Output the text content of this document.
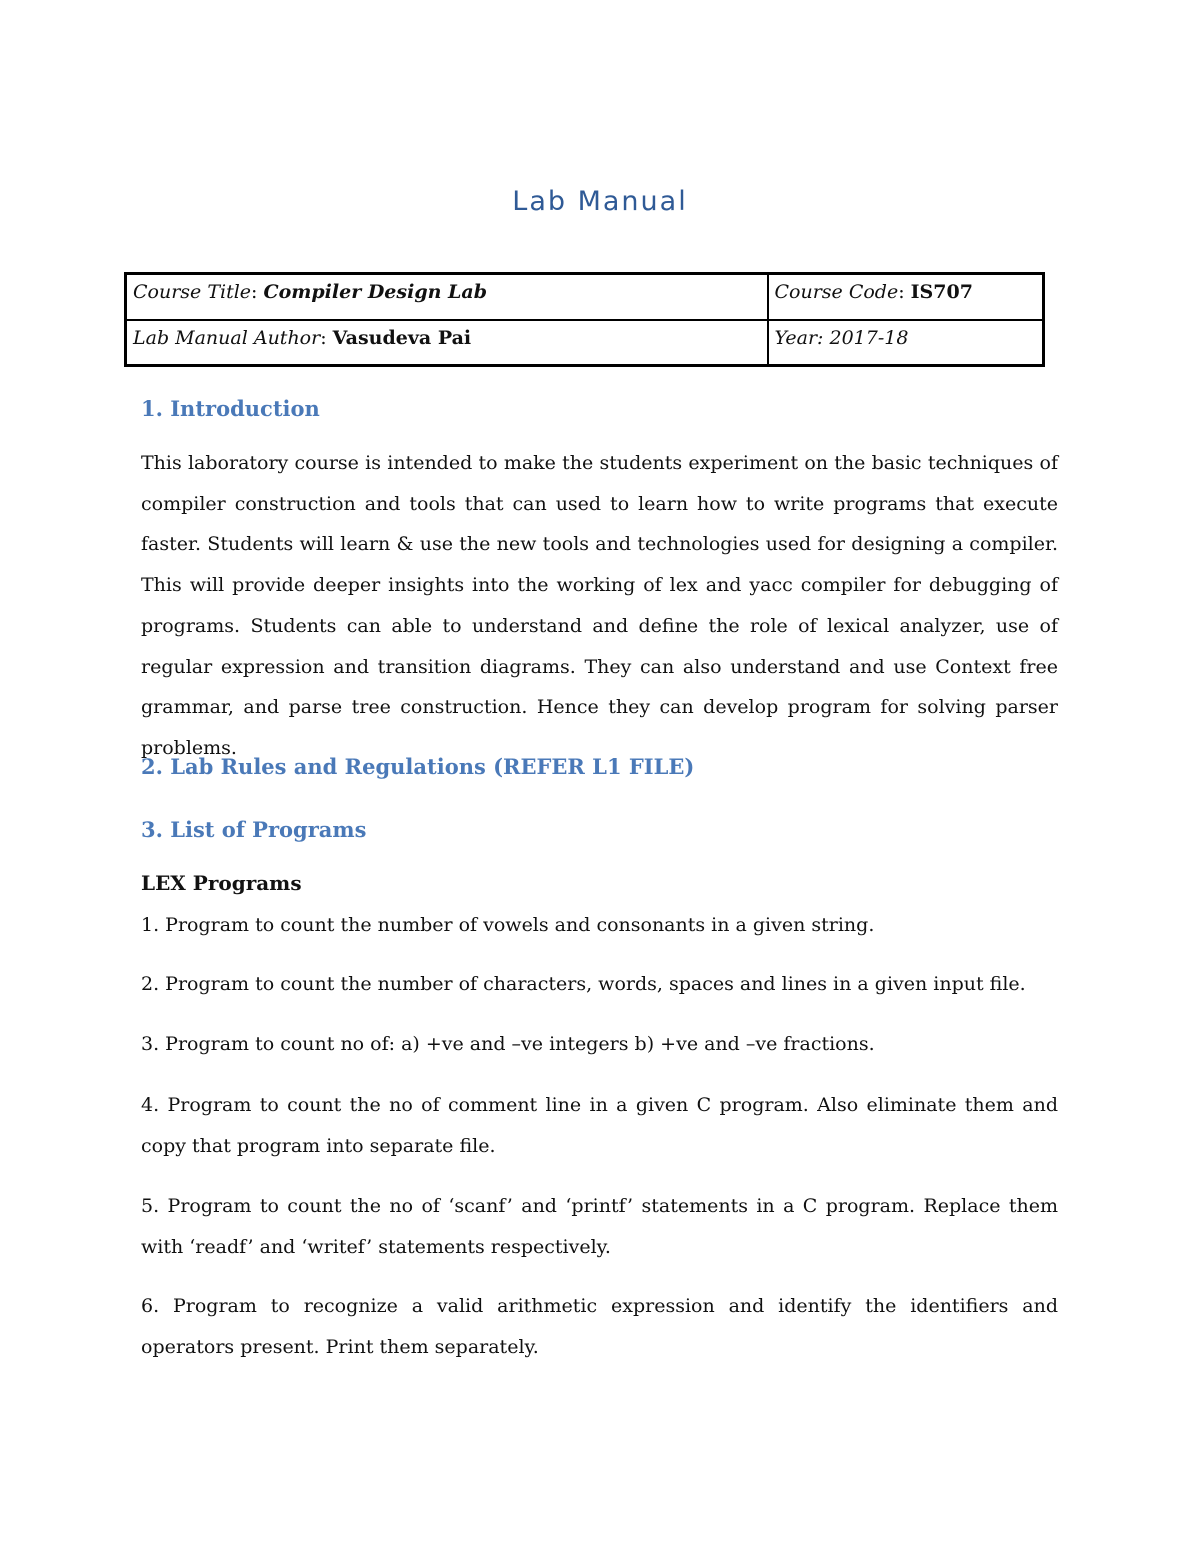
Lab Manual
Course Title: Compiler Design Lab	Course Code: IS707
Lab Manual Author: Vasudeva Pai	Year: 2017-18
1. Introduction

This laboratory course is intended to make the students experiment on the basic techniques of compiler construction and tools that can used to learn how to write programs that execute faster. Students will learn & use the new tools and technologies used for designing a compiler. This will provide deeper insights into the working of lex and yacc compiler for debugging of programs. Students can able to understand and define the role of lexical analyzer, use of regular expression and transition diagrams. They can also understand and use Context free grammar, and parse tree construction. Hence they can develop program for solving parser problems.

2. Lab Rules and Regulations (REFER L1 FILE)
3. List of Programs
LEX Programs

1. Program to count the number of vowels and consonants in a given string.

2. Program to count the number of characters, words, spaces and lines in a given input file.

3. Program to count no of: a) +ve and –ve integers b) +ve and –ve fractions.

4. Program to count the no of comment line in a given C program. Also eliminate them and copy that program into separate file.

5. Program to count the no of ‘scanf’ and ‘printf’ statements in a C program. Replace them with ‘readf’ and ‘writef’ statements respectively.

6. Program to recognize a valid arithmetic expression and identify the identifiers and operators present. Print them separately.
